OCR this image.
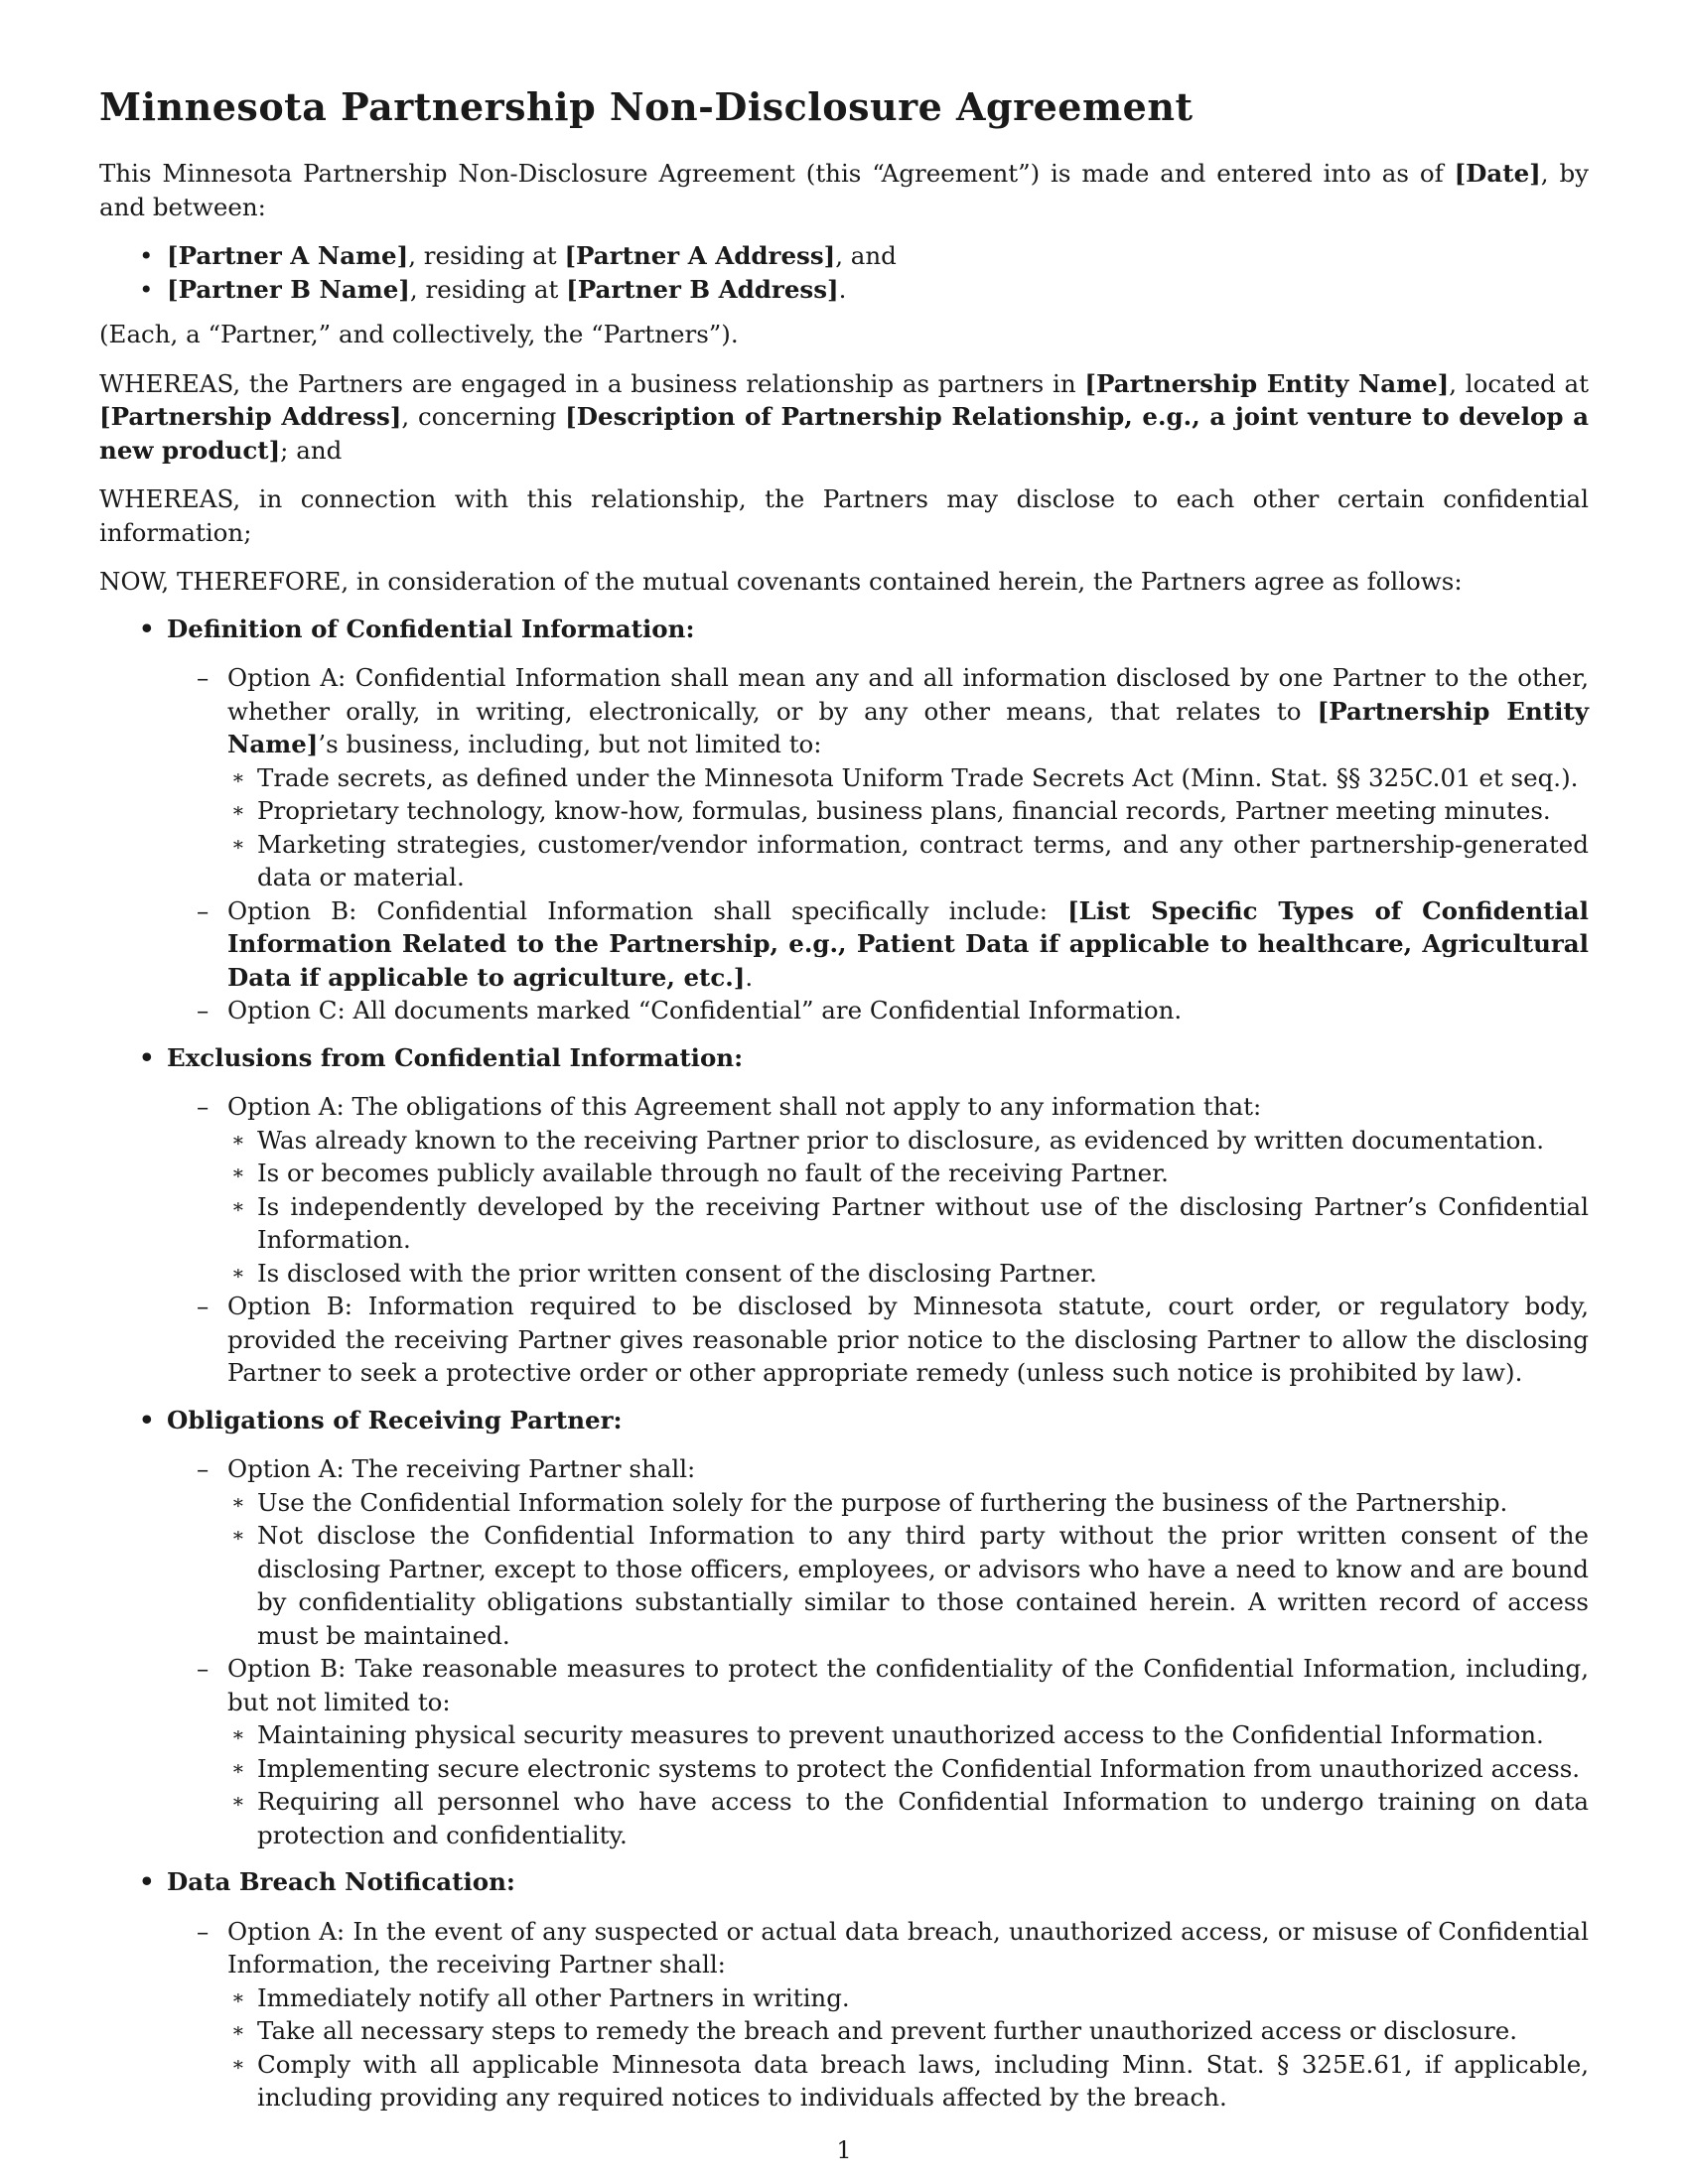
Minnesota Partnership Non-Disclosure Agreement

This Minnesota Partnership Non-Disclosure Agreement (this “Agreement”) is made and entered into as of [Date], by and between:

• [Partner A Name], residing at [Partner A Address], and
• [Partner B Name], residing at [Partner B Address].

(Each, a “Partner,” and collectively, the “Partners”).

WHEREAS, the Partners are engaged in a business relationship as partners in [Partnership Entity Name], located at [Partnership Address], concerning [Description of Partnership Relationship, e.g., a joint venture to develop a new product]; and

WHEREAS, in connection with this relationship, the Partners may disclose to each other certain confidential information;

NOW, THEREFORE, in consideration of the mutual covenants contained herein, the Partners agree as follows:

• Definition of Confidential Information:
– Option A: Confidential Information shall mean any and all information disclosed by one Partner to the other, whether orally, in writing, electronically, or by any other means, that relates to [Partnership Entity Name]’s business, including, but not limited to:
∗ Trade secrets, as defined under the Minnesota Uniform Trade Secrets Act (Minn. Stat. §§ 325C.01 et seq.).
∗ Proprietary technology, know-how, formulas, business plans, financial records, Partner meeting minutes.
∗ Marketing strategies, customer/vendor information, contract terms, and any other partnership-generated data or material.
– Option B: Confidential Information shall specifically include: [List Specific Types of Confidential Information Related to the Partnership, e.g., Patient Data if applicable to healthcare, Agricultural Data if applicable to agriculture, etc.].
– Option C: All documents marked “Confidential” are Confidential Information.
• Exclusions from Confidential Information:
– Option A: The obligations of this Agreement shall not apply to any information that:
∗ Was already known to the receiving Partner prior to disclosure, as evidenced by written documentation.
∗ Is or becomes publicly available through no fault of the receiving Partner.
∗ Is independently developed by the receiving Partner without use of the disclosing Partner’s Confidential Information.
∗ Is disclosed with the prior written consent of the disclosing Partner.
– Option B: Information required to be disclosed by Minnesota statute, court order, or regulatory body, provided the receiving Partner gives reasonable prior notice to the disclosing Partner to allow the disclosing Partner to seek a protective order or other appropriate remedy (unless such notice is prohibited by law).
• Obligations of Receiving Partner:
– Option A: The receiving Partner shall:
∗ Use the Confidential Information solely for the purpose of furthering the business of the Partnership.
∗ Not disclose the Confidential Information to any third party without the prior written consent of the disclosing Partner, except to those officers, employees, or advisors who have a need to know and are bound by confidentiality obligations substantially similar to those contained herein. A written record of access must be maintained.
– Option B: Take reasonable measures to protect the confidentiality of the Confidential Information, including, but not limited to:
∗ Maintaining physical security measures to prevent unauthorized access to the Confidential Information.
∗ Implementing secure electronic systems to protect the Confidential Information from unauthorized access.
∗ Requiring all personnel who have access to the Confidential Information to undergo training on data protection and confidentiality.
• Data Breach Notification:
– Option A: In the event of any suspected or actual data breach, unauthorized access, or misuse of Confidential Information, the receiving Partner shall:
∗ Immediately notify all other Partners in writing.
∗ Take all necessary steps to remedy the breach and prevent further unauthorized access or disclosure.
∗ Comply with all applicable Minnesota data breach laws, including Minn. Stat. § 325E.61, if applicable, including providing any required notices to individuals affected by the breach.
1
